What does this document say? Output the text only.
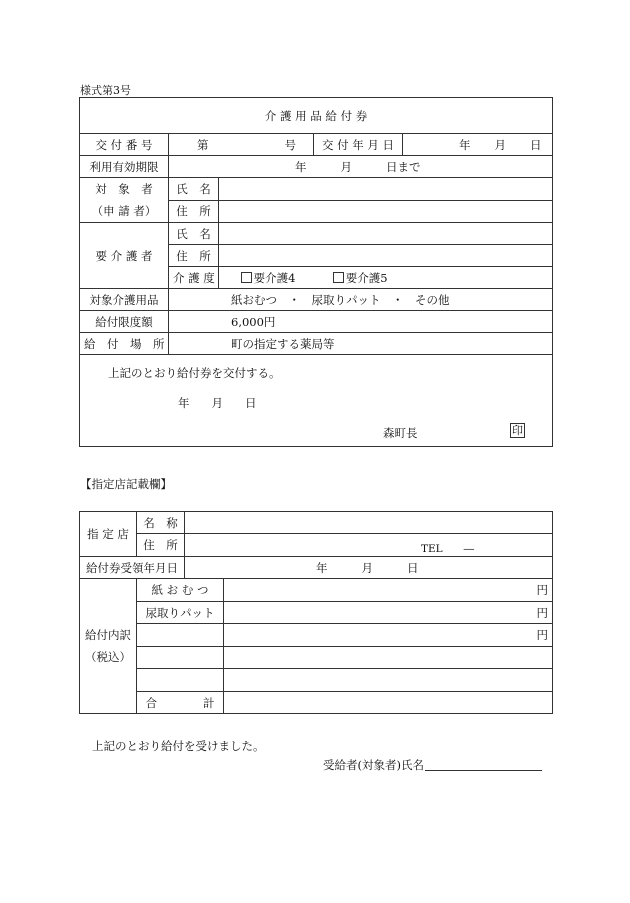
様式第3号
介 護 用 品 給 付 券				
交 付 番 号	第 号		交 付 年 月 日	年 月 日
利用有効期限	年 月 日まで			

対　象　者
（申 請 者）	氏　名			
	住　所			
要 介 護 者	氏　名			
	住　所			
	介 護 度	要介護4 要介護5		
対象介護用品	紙おむつ　・　尿取りパット　・　その他			
給付限度額	6,000円			
給　付　場　所	町の指定する薬局等			

上記のとおり給付券を交付する。
年 月 日
森町長 印				
【指定店記載欄】
指 定 店	名　称		
	住　所	TEL　　―	
給付券受領年月日		年 月 日	

給付内訳
（税込）	紙 お む つ		円
	尿取りパット		円
			円

	合　　　　計		
上記のとおり給付を受けました。
受給者(対象者)氏名
